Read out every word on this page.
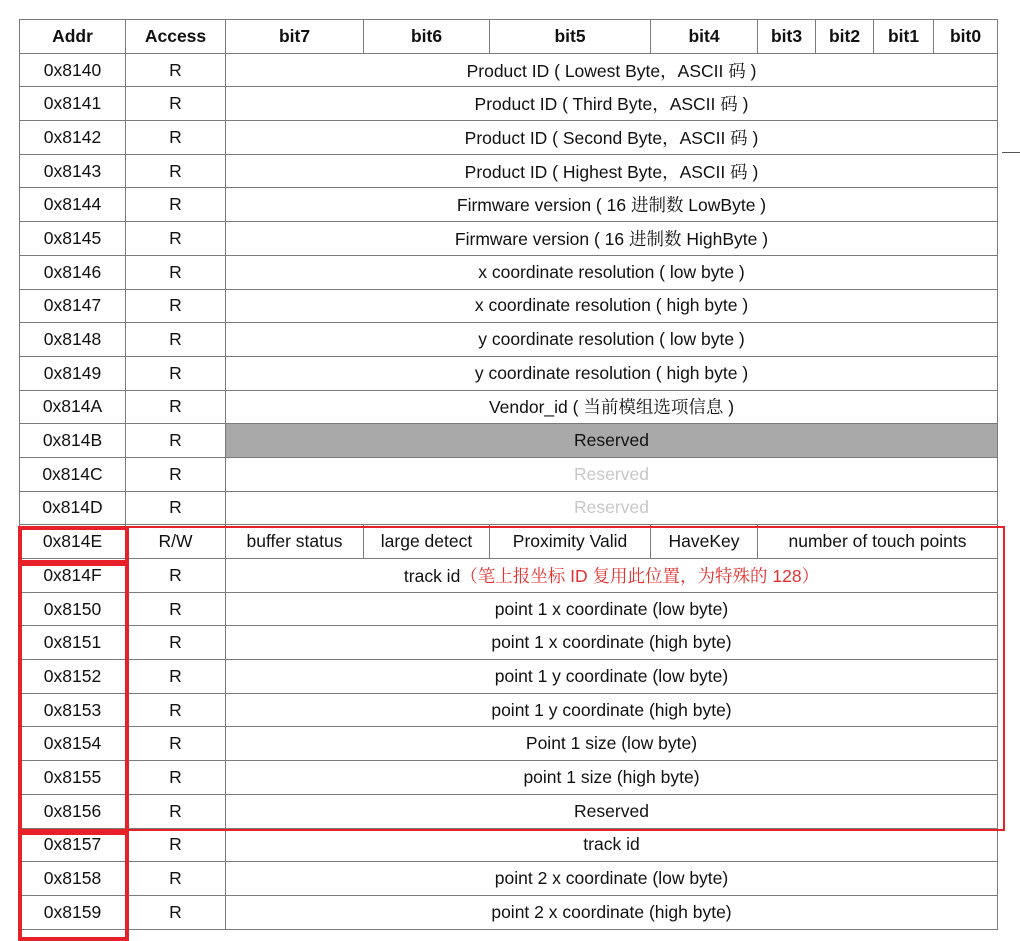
Addr	Access	bit7	bit6	bit5	bit4	bit3	bit2	bit1	bit0
0x8140	R	Product ID ( Lowest Byte，ASCII 码 )							
0x8141	R	Product ID ( Third Byte，ASCII 码 )							
0x8142	R	Product ID ( Second Byte，ASCII 码 )							
0x8143	R	Product ID ( Highest Byte，ASCII 码 )							
0x8144	R	Firmware version ( 16 进制数 LowByte )							
0x8145	R	Firmware version ( 16 进制数 HighByte )							
0x8146	R	x coordinate resolution ( low byte )							
0x8147	R	x coordinate resolution ( high byte )							
0x8148	R	y coordinate resolution ( low byte )							
0x8149	R	y coordinate resolution ( high byte )							
0x814A	R	Vendor_id ( 当前模组选项信息 )							
0x814B	R	Reserved							
0x814C	R	Reserved							
0x814D	R	Reserved							
0x814E	R/W	buffer status	large detect	Proximity Valid	HaveKey	number of touch points			
0x814F	R	track id（笔上报坐标 ID 复用此位置，为特殊的 128）							
0x8150	R	point 1 x coordinate (low byte)							
0x8151	R	point 1 x coordinate (high byte)							
0x8152	R	point 1 y coordinate (low byte)							
0x8153	R	point 1 y coordinate (high byte)							
0x8154	R	Point 1 size (low byte)							
0x8155	R	point 1 size (high byte)							
0x8156	R	Reserved							
0x8157	R	track id							
0x8158	R	point 2 x coordinate (low byte)							
0x8159	R	point 2 x coordinate (high byte)							
